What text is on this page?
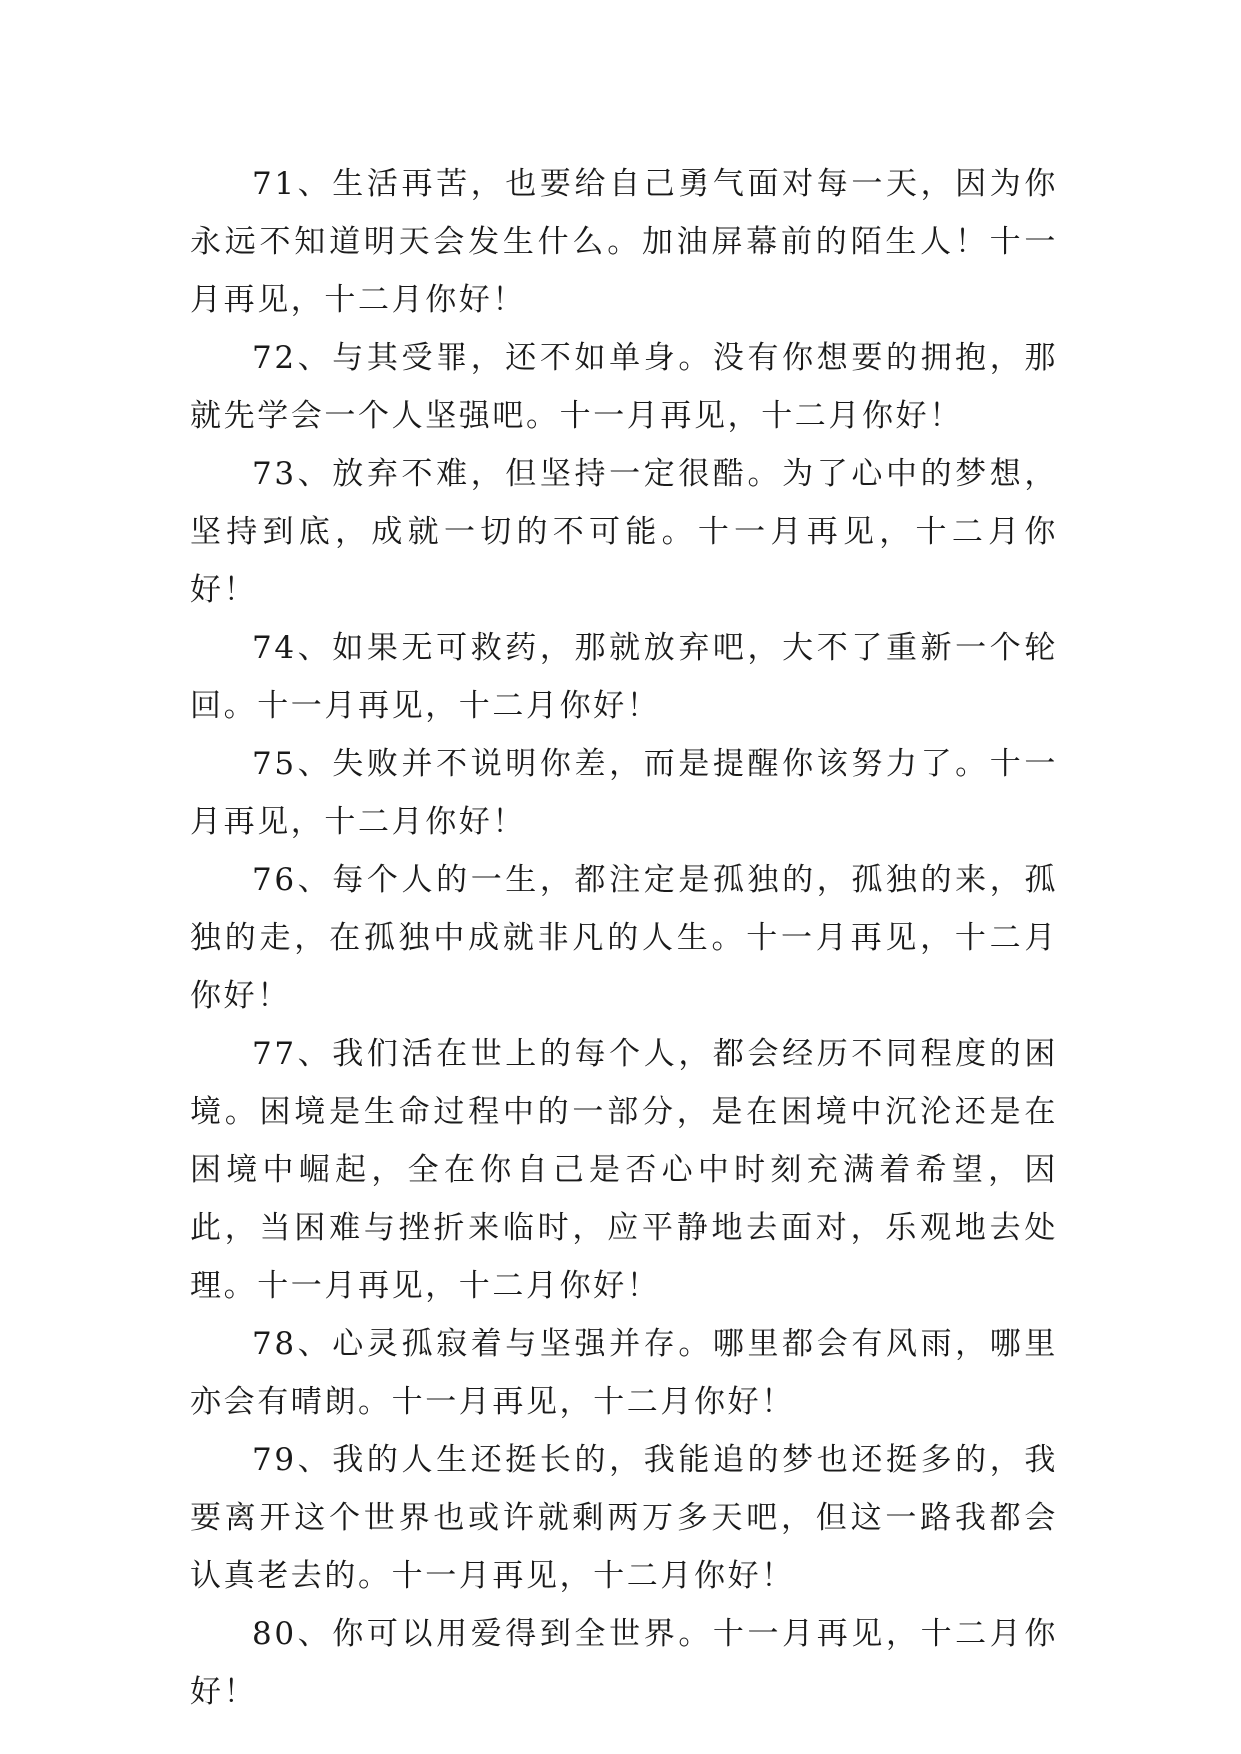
71、生活再苦，也要给自己勇气面对每一天，因为你永远不知道明天会发生什么。加油屏幕前的陌生人！十一月再见，十二月你好！

72、与其受罪，还不如单身。没有你想要的拥抱，那就先学会一个人坚强吧。十一月再见，十二月你好！

73、放弃不难，但坚持一定很酷。为了心中的梦想，坚持到底，成就一切的不可能。十一月再见，十二月你好！

74、如果无可救药，那就放弃吧，大不了重新一个轮回。十一月再见，十二月你好！

75、失败并不说明你差，而是提醒你该努力了。十一月再见，十二月你好！

76、每个人的一生，都注定是孤独的，孤独的来，孤独的走，在孤独中成就非凡的人生。十一月再见，十二月你好！

77、我们活在世上的每个人，都会经历不同程度的困境。困境是生命过程中的一部分，是在困境中沉沦还是在困境中崛起，全在你自己是否心中时刻充满着希望，因此，当困难与挫折来临时，应平静地去面对，乐观地去处理。十一月再见，十二月你好！

78、心灵孤寂着与坚强并存。哪里都会有风雨，哪里亦会有晴朗。十一月再见，十二月你好！

79、我的人生还挺长的，我能追的梦也还挺多的，我要离开这个世界也或许就剩两万多天吧，但这一路我都会认真老去的。十一月再见，十二月你好！

80、你可以用爱得到全世界。十一月再见，十二月你好！
